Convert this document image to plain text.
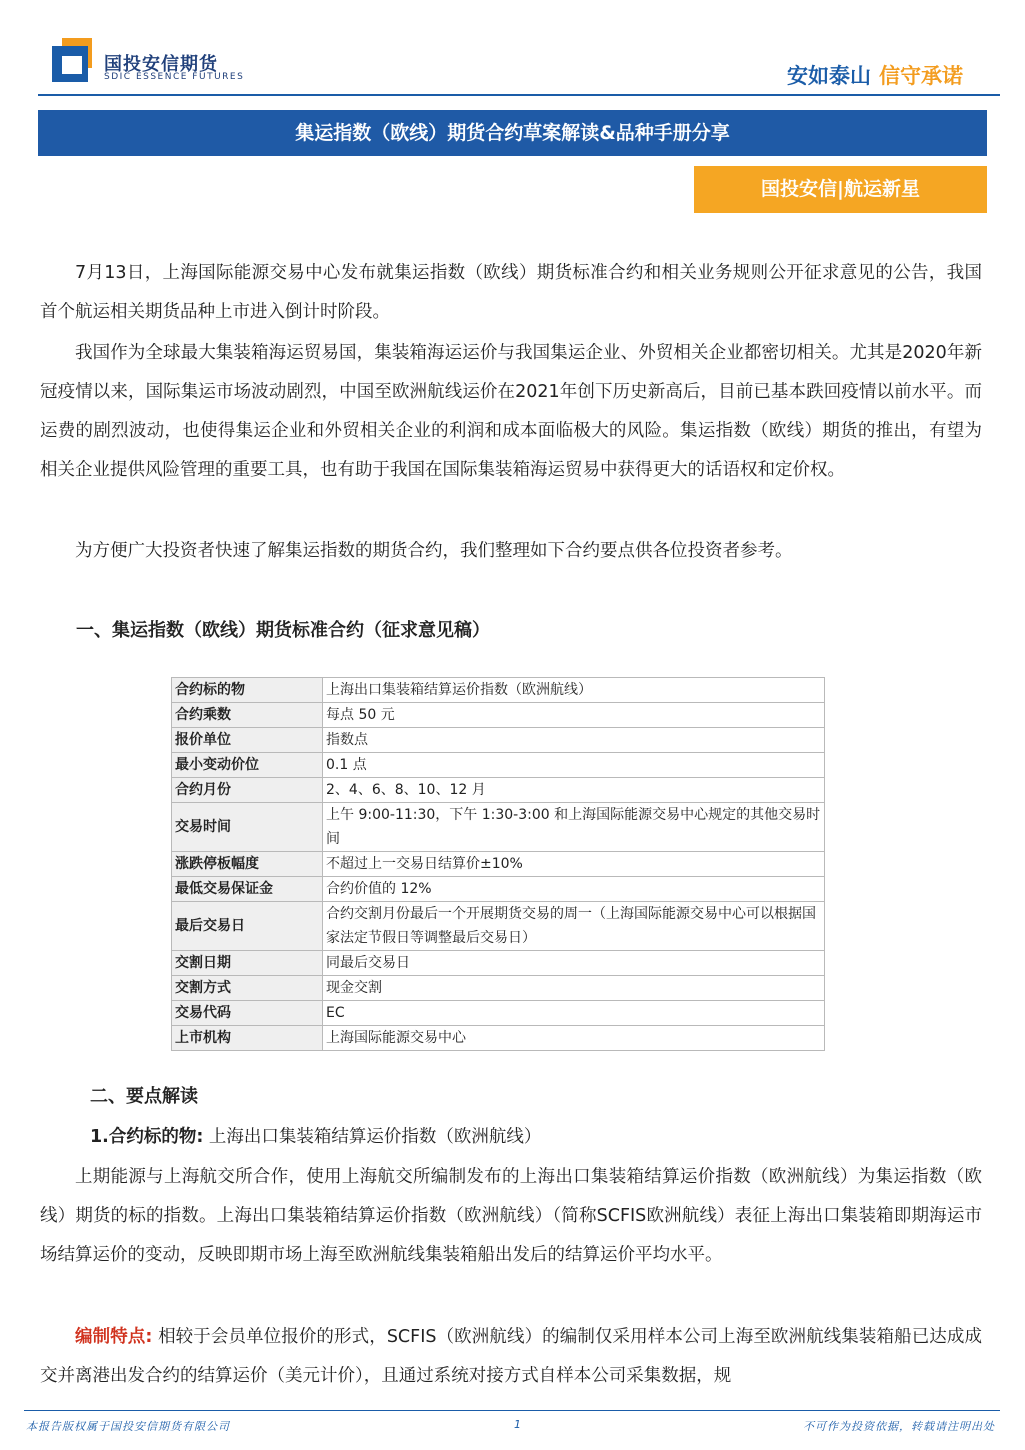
国投安信期货
SDIC ESSENCE FUTURES	安如泰山 信守承诺
集运指数（欧线）期货合约草案解读&品种手册分享
国投安信|航运新星

7月13日，上海国际能源交易中心发布就集运指数（欧线）期货标准合约和相关业务规则公开征求意见的公告，我国首个航运相关期货品种上市进入倒计时阶段。

我国作为全球最大集装箱海运贸易国，集装箱海运运价与我国集运企业、外贸相关企业都密切相关。尤其是2020年新冠疫情以来，国际集运市场波动剧烈，中国至欧洲航线运价在2021年创下历史新高后，目前已基本跌回疫情以前水平。而运费的剧烈波动，也使得集运企业和外贸相关企业的利润和成本面临极大的风险。集运指数（欧线）期货的推出，有望为相关企业提供风险管理的重要工具，也有助于我国在国际集装箱海运贸易中获得更大的话语权和定价权。

为方便广大投资者快速了解集运指数的期货合约，我们整理如下合约要点供各位投资者参考。

一、集运指数（欧线）期货标准合约（征求意见稿）

合约标的物	上海出口集装箱结算运价指数（欧洲航线）
合约乘数	每点 50 元
报价单位	指数点
最小变动价位	0.1 点
合约月份	2、4、6、8、10、12 月
交易时间	上午 9:00-11:30，下午 1:30-3:00 和上海国际能源交易中心规定的其他交易时间
涨跌停板幅度	不超过上一交易日结算价±10%
最低交易保证金	合约价值的 12%
最后交易日	合约交割月份最后一个开展期货交易的周一（上海国际能源交易中心可以根据国家法定节假日等调整最后交易日）
交割日期	同最后交易日
交割方式	现金交割
交易代码	EC
上市机构	上海国际能源交易中心

二、要点解读

1.合约标的物: 上海出口集装箱结算运价指数（欧洲航线）

上期能源与上海航交所合作，使用上海航交所编制发布的上海出口集装箱结算运价指数（欧洲航线）为集运指数（欧线）期货的标的指数。上海出口集装箱结算运价指数（欧洲航线）（简称SCFIS欧洲航线）表征上海出口集装箱即期海运市场结算运价的变动，反映即期市场上海至欧洲航线集装箱船出发后的结算运价平均水平。

编制特点: 相较于会员单位报价的形式，SCFIS（欧洲航线）的编制仅采用样本公司上海至欧洲航线集装箱船已达成成交并离港出发合约的结算运价（美元计价），且通过系统对接方式自样本公司采集数据，规

本报告版权属于国投安信期货有限公司	1	不可作为投资依据，转载请注明出处
